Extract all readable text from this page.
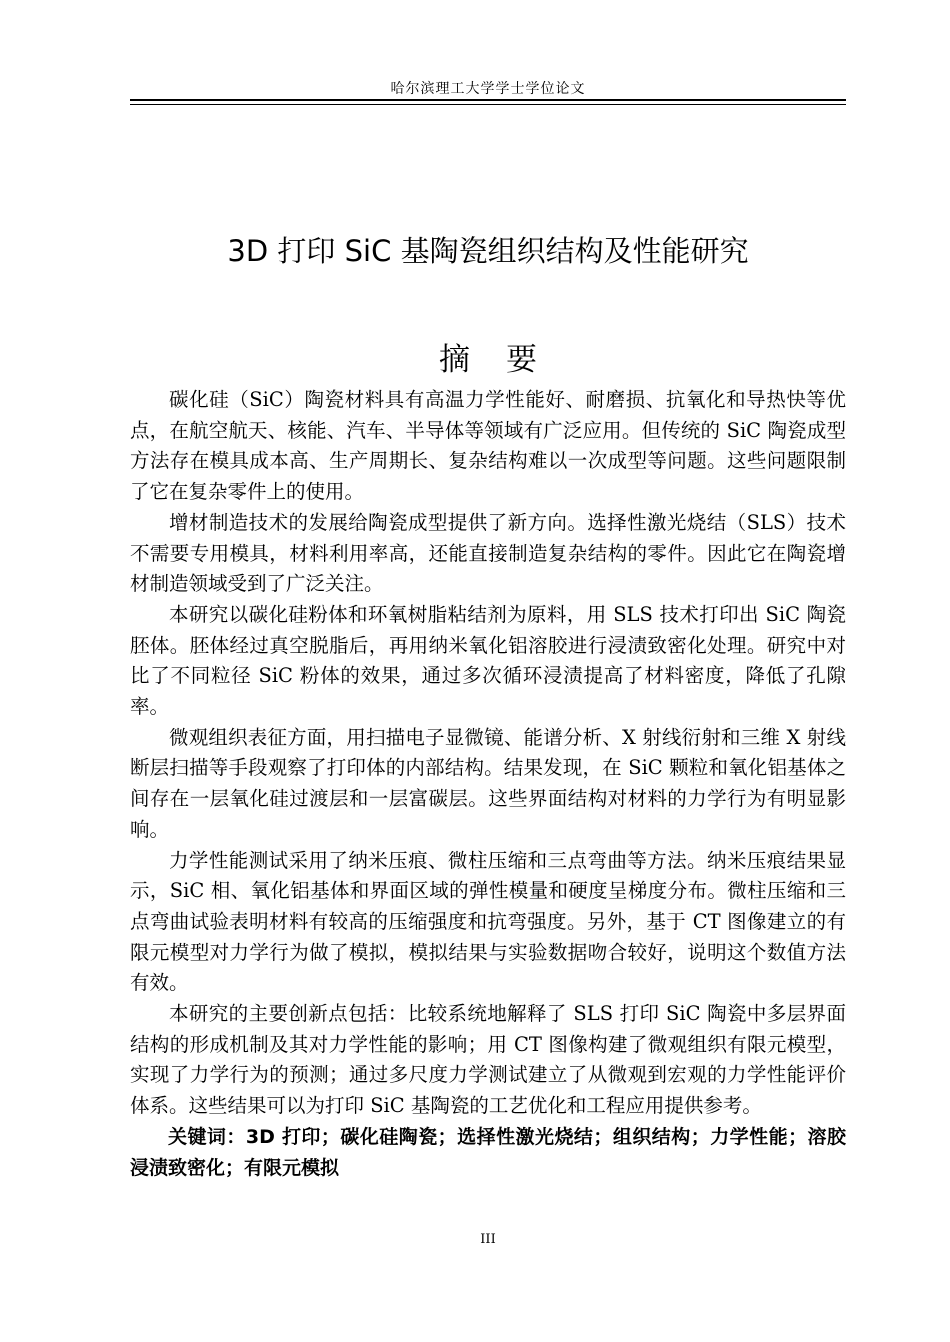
哈尔滨理工大学学士学位论文
3D 打印 SiC 基陶瓷组织结构及性能研究
摘要

碳化硅（SiC）陶瓷材料具有高温力学性能好、耐磨损、抗氧化和导热快等优点，在航空航天、核能、汽车、半导体等领域有广泛应用。但传统的 SiC 陶瓷成型方法存在模具成本高、生产周期长、复杂结构难以一次成型等问题。这些问题限制了它在复杂零件上的使用。

增材制造技术的发展给陶瓷成型提供了新方向。选择性激光烧结（SLS）技术不需要专用模具，材料利用率高，还能直接制造复杂结构的零件。因此它在陶瓷增材制造领域受到了广泛关注。

本研究以碳化硅粉体和环氧树脂粘结剂为原料，用 SLS 技术打印出 SiC 陶瓷胚体。胚体经过真空脱脂后，再用纳米氧化铝溶胶进行浸渍致密化处理。研究中对比了不同粒径 SiC 粉体的效果，通过多次循环浸渍提高了材料密度，降低了孔隙率。

微观组织表征方面，用扫描电子显微镜、能谱分析、X 射线衍射和三维 X 射线断层扫描等手段观察了打印体的内部结构。结果发现，在 SiC 颗粒和氧化铝基体之间存在一层氧化硅过渡层和一层富碳层。这些界面结构对材料的力学行为有明显影响。

力学性能测试采用了纳米压痕、微柱压缩和三点弯曲等方法。纳米压痕结果显示，SiC 相、氧化铝基体和界面区域的弹性模量和硬度呈梯度分布。微柱压缩和三点弯曲试验表明材料有较高的压缩强度和抗弯强度。另外，基于 CT 图像建立的有限元模型对力学行为做了模拟，模拟结果与实验数据吻合较好，说明这个数值方法有效。

本研究的主要创新点包括：比较系统地解释了 SLS 打印 SiC 陶瓷中多层界面结构的形成机制及其对力学性能的影响；用 CT 图像构建了微观组织有限元模型，实现了力学行为的预测；通过多尺度力学测试建立了从微观到宏观的力学性能评价体系。这些结果可以为打印 SiC 基陶瓷的工艺优化和工程应用提供参考。

关键词：3D 打印；碳化硅陶瓷；选择性激光烧结；组织结构；力学性能；溶胶浸渍致密化；有限元模拟

III
